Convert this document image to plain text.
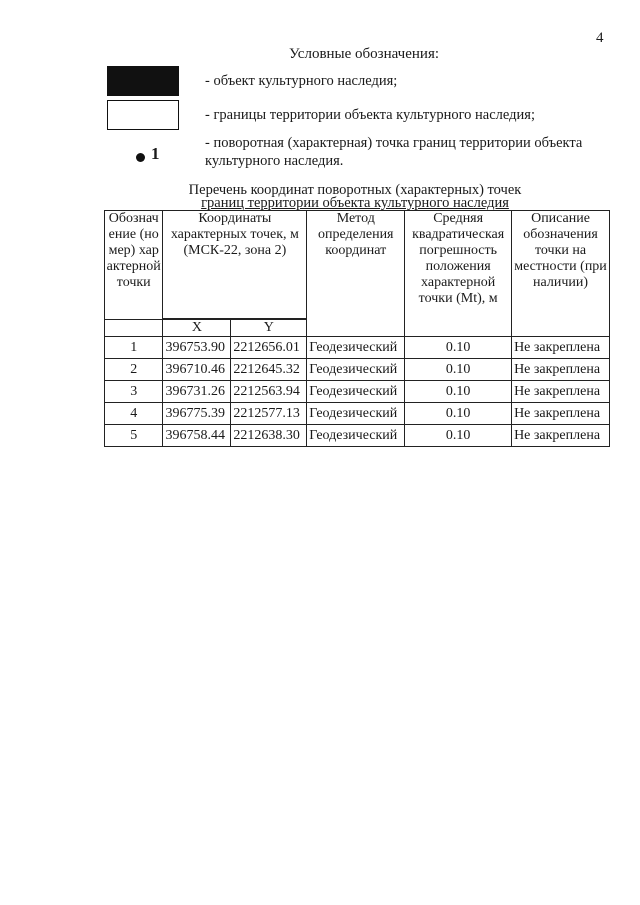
4
Условные обозначения:
- объект культурного наследия;
- границы территории объекта культурного наследия;
1
- поворотная (характерная) точка границ территории объекта культурного наследия.
Перечень координат поворотных (характерных) точек
границ территории объекта культурного наследия
Обозначение (номер) характерной точки	Координаты характерных точек, м (МСК-22, зона 2)		Метод определения координат	Средняя квадратическая погрешность положения характерной точки (Mt), м	Описание обозначения точки на местности (при наличии)

	X	Y			
1	396753.90	2212656.01	Геодезический	0.10	Не закреплена
2	396710.46	2212645.32	Геодезический	0.10	Не закреплена
3	396731.26	2212563.94	Геодезический	0.10	Не закреплена
4	396775.39	2212577.13	Геодезический	0.10	Не закреплена
5	396758.44	2212638.30	Геодезический	0.10	Не закреплена
